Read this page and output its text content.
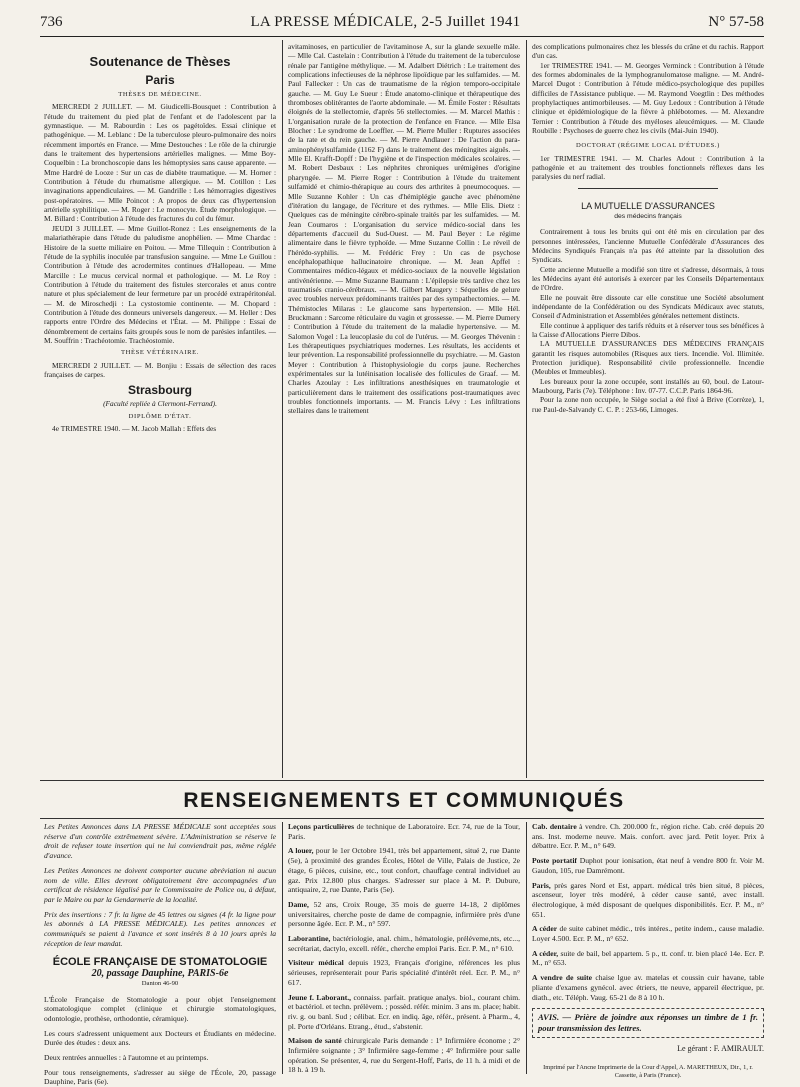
736	LA PRESSE MÉDICALE, 2-5 Juillet 1941	N° 57-58
Soutenance de Thèses
Paris
THÈSES DE MÉDECINE.

MERCREDI 2 JUILLET. — M. Giudicelli-Bousquet : Contribution à l'étude du traitement du pied plat de l'enfant et de l'adolescent par la gymnastique. — M. Rabourdin : Les os pagétoïdes. Essai clinique et pathogénique. — M. Leblanc : De la tuberculose pleuro-pulmonaire des noirs récemment importés en France. — Mme Destouches : Le rôle de la chirurgie dans le traitement des hypertensions artérielles malignes. — Mme Boy-Coquelbin : La bronchoscopie dans les hémoptysies sans cause apparente. — Mme Hardré de Looze : Sur un cas de diabète traumatique. — M. Horner : Contribution à l'étude du rhumatisme allergique. — M. Cotillon : Les invaginations appendiculaires. — M. Gandrille : Les hémorragies digestives post-opératoires. — Mlle Poincot : A propos de deux cas d'hypertension artérielle syphilitique. — M. Roger : Le monocyte. Étude morphologique. — M. Billard : Contribution à l'étude des fractures du col du fémur.

JEUDI 3 JUILLET. — Mme Guillot-Ronez : Les enseignements de la malariathérapie dans l'étude du paludisme anophélien. — Mme Chardac : Histoire de la suette miliaire en Poitou. — Mme Tillequin : Contribution à l'étude de la syphilis inoculée par transfusion sanguine. — Mme Le Guillou : Contribution à l'étude des acrodermites continues d'Hallopeau. — Mme Marcille : Le mucus cervical normal et pathologique. — M. Le Roy : Contribution à l'étude du traitement des fistules stercorales et anus contre nature et plus spécialement de leur fermeture par un procédé extrapéritonéal. — M. de Miroschedji : La cystostomie continente. — M. Chopard : Contribution à l'étude des donneurs universels dangereux. — M. Heller : Des rapports entre l'Ordre des Médecins et l'État. — M. Philippe : Essai de dénombrement de certains faits groupés sous le nom de parésies infantiles. — M. Souffrin : Trachéotomie. Trachéostomie.

THÈSE VÉTÉRINAIRE.

MERCREDI 2 JUILLET. — M. Bonjiu : Essais de sélection des races françaises de carpes.

Strasbourg
(Faculté repliée à Clermont-Ferrand).
DIPLÔME D'ÉTAT.

4e TRIMESTRE 1940. — M. Jacob Mallah : Effets des

avitaminoses, en particulier de l'avitaminose A, sur la glande sexuelle mâle. — Mlle Cal. Castelain : Contribution à l'étude du traitement de la tuberculose rénale par l'antigène méthylique. — M. Adalbert Diétrich : Le traitement des complications infectieuses de la néphrose lipoïdique par les sulfamides. — M. Paul Fallecker : Un cas de traumatisme de la région temporo-occipitale gauche. — M. Guy Le Sueur : Étude anatomo-clinique et thérapeutique des thromboses oblitérantes de l'aorte abdominale. — M. Émile Foster : Résultats éloignés de la stellectomie, d'après 56 stellectomies. — M. Marcel Mathis : L'organisation rurale de la protection de l'enfance en France. — Mlle Elsa Blocher : Le syndrome de Loeffler. — M. Pierre Muller : Ruptures associées de la rate et du rein gauche. — M. Pierre Andlauer : De l'action du para-aminophénylsulfamide (1162 F) dans le traitement des méningites aiguës. — Mlle El. Krafft-Dopff : De l'hygiène et de l'inspection médicales scolaires. — M. Robert Desbaux : Les néphrites chroniques urémigènes d'origine pharyngée. — M. Pierre Roger : Contribution à l'étude du traitement sulfamidé et chimio-thérapique au cours des arthrites à pneumocoques. — Mlle Suzanne Kohler : Un cas d'hémiplégie gauche avec phénomène d'itération du langage, de l'écriture et des rythmes. — Mlle Elis. Dietz : Quelques cas de méningite cérébro-spinale traités par les sulfamides. — M. Jean Coumaros : L'organisation du service médico-social dans les départements d'accueil du Sud-Ouest. — M. Paul Beyer : Le régime alimentaire dans le fièvre typhoïde. — Mme Suzanne Collin : Le réveil de l'hérédo-syphilis. — M. Frédéric Frey : Un cas de psychose encéphalopathique hallucinatoire chronique. — M. Jean Apffel : Commentaires médico-légaux et médico-sociaux de la nouvelle législation antivénérienne. — Mme Suzanne Baumann : L'épilepsie très tardive chez les traumatisés cranio-cérébraux. — M. Gilbert Maugery : Séquelles de gelure avec troubles nerveux prédominants traitées par des sympathectomies. — M. Thémistocles Milaras : Le glaucome sans hypertension. — Mlle Hél. Bruckmann : Sarcome réticulaire du vagin et grossesse. — M. Pierre Dumery : Contribution à l'étude du traitement de la maladie hypertensive. — M. Salomon Vogel : La leucoplasie du col de l'utérus. — M. Georges Thévenin : Les thérapeutiques psychiatriques modernes. Les résultats, les accidents et leur prévention. La responsabilité professionnelle du psychiatre. — M. Gaston Meyer : Contribution à l'histophysiologie du corps jaune. Recherches expérimentales sur la lutéinisation localisée des follicules de Graaf. — M. Charles Azoulay : Les infiltrations anesthésiques en traumatologie et particulièrement dans le traitement des ossifications post-traumatiques avec troubles fonctionnels importants. — M. Francis Lévy : Les infiltrations stellaires dans le traitement

des complications pulmonaires chez les blessés du crâne et du rachis. Rapport d'un cas.

1er TRIMESTRE 1941. — M. Georges Verminck : Contribution à l'étude des formes abdominales de la lymphogranulomatose maligne. — M. André-Marcel Dugot : Contribution à l'étude médico-psychologique des pupilles difficiles de l'Assistance publique. — M. Raymond Voegtlin : Des méthodes prophylactiques antimorbileuses. — M. Guy Ledoux : Contribution à l'étude clinique et épidémiologique de la fièvre à phlébotomes. — M. Alexandre Ternier : Contribution à l'étude des myéloses aleucémiques. — M. Claude Roubille : Psychoses de guerre chez les civils (Mai-Juin 1940).

DOCTORAT (RÉGIME LOCAL D'ÉTUDES.)

1er TRIMESTRE 1941. — M. Charles Adout : Contribution à la pathogénie et au traitement des troubles fonctionnels réflexes dans les paralysies du nerf radial.

LA MUTUELLE D'ASSURANCES
des médecins français

Contrairement à tous les bruits qui ont été mis en circulation par des personnes intéressées, l'ancienne Mutuelle Confédérale d'Assurances des Médecins Syndiqués Français n'a pas été atteinte par la dissolution des Syndicats.

Cette ancienne Mutuelle a modifié son titre et s'adresse, désormais, à tous les Médecins ayant été autorisés à exercer par les Conseils Départementaux de l'Ordre.

Elle ne pouvait être dissoute car elle constitue une Société absolument indépendante de la Confédération ou des Syndicats Médicaux avec statuts, Conseil d'Administration et Assemblées générales nettement distincts.

Elle continue à appliquer des tarifs réduits et à réserver tous ses bénéfices à la Caisse d'Allocations Pierre Dibos.

LA MUTUELLE D'ASSURANCES DES MÉDECINS FRANÇAIS garantit les risques automobiles (Risques aux tiers. Incendie. Vol. Illimitée. Protection juridique). Responsabilité civile professionnelle. Incendie (Meubles et Immeubles).

Les bureaux pour la zone occupée, sont installés au 60, boul. de Latour-Maubourg, Paris (7e). Téléphone : Inv. 07-77. C.C.P. Paris 1864-96.

Pour la zone non occupée, le Siège social a été fixé à Brive (Corrèze), 1, rue Paul-de-Salvandy C. C. P. : 253-66, Limoges.

RENSEIGNEMENTS ET COMMUNIQUÉS

Les Petites Annonces dans LA PRESSE MÉDICALE sont acceptées sous réserve d'un contrôle extrêmement sévère. L'Administration se réserve le droit de refuser toute insertion qui ne lui conviendrait pas, même réglée d'avance.

Les Petites Annonces ne doivent comporter aucune abréviation ni aucun nom de ville. Elles devront obligatoirement être accompagnées d'un certificat de résidence légalisé par le Commissaire de Police ou, à défaut, par le Maire ou par la Gendarmerie de la localité.

Prix des insertions : 7 fr. la ligne de 45 lettres ou signes (4 fr. la ligne pour les abonnés à LA PRESSE MÉDICALE). Les petites annonces et communiqués se paient à l'avance et sont insérés 8 à 10 jours après la réception de leur mandat.

ÉCOLE FRANÇAISE DE STOMATOLOGIE
20, passage Dauphine, PARIS-6e
Danton 46-90

L'École Française de Stomatologie a pour objet l'enseignement stomatologique complet (clinique et chirurgie stomatologiques, odontologie, prothèse, orthodontie, céramique).

Les cours s'adressent uniquement aux Docteurs et Étudiants en médecine. Durée des études : deux ans.

Deux rentrées annuelles : à l'automne et au printemps.

Pour tous renseignements, s'adresser au siège de l'École, 20, passage Dauphine, Paris (6e).

Leçons particulières de technique de Laboratoire. Ecr. 74, rue de la Tour, Paris.

A louer, pour le 1er Octobre 1941, très bel appartement, situé 2, rue Dante (5e), à proximité des grandes Écoles, Hôtel de Ville, Palais de Justice, 2e étage, 6 pièces, cuisine, etc., tout confort, chauffage central individuel au gaz. Prix 12.800 plus charges. S'adresser sur place à M. P. Dubure, antiquaire, 2, rue Dante, Paris (5e).

Dame, 52 ans, Croix Rouge, 35 mois de guerre 14-18, 2 diplômes universitaires, cherche poste de dame de compagnie, infirmière près d'une personne âgée. Ecr. P. M., n° 597.

Laborantine, bactériologie, anal. chim., hématologie, préléveme,nts, etc..., secrétariat, dactylo, excell. référ., cherche emploi Paris. Ecr. P. M., n° 610.

Visiteur médical depuis 1923, Français d'origine, références les plus sérieuses, représenterait pour Paris spécialité d'intérêt réel. Ecr. P. M., n° 617.

Jeune f. Laborant., connaiss. parfait. pratique analys. biol., courant chim. et bactériol. et techn. prélèvem. ; possèd. référ. minim. 3 ans m. place; habit. riv. g. ou banl. Sud ; célibat. Ecr. en indiq. âge, référ., présent. à Pharm., 4, pl. Porte d'Orléans. Etrang., étud., s'abstenir.

Maison de santé chirurgicale Paris demande : 1° Infirmière économe ; 2° Infirmière soignante ; 3° Infirmière sage-femme ; 4° Infirmière pour salle opération. Se présenter, 4, rue du Sergent-Hoff, Paris, de 11 h. à midi et de 18 h. à 19 h.

Cab. dentaire à vendre. Ch. 200.000 fr., région riche. Cab. créé depuis 20 ans. Inst. moderne neuve. Mais. confort. avec jard. Petit loyer. Prix à débattre. Ecr. P. M., n° 649.

Poste portatif Duphot pour ionisation, état neuf à vendre 800 fr. Voir M. Gaudon, 105, rue Damrémont.

Paris, près gares Nord et Est, appart. médical très bien situé, 8 pièces, ascenseur, loyer très modéré, à céder cause santé, avec install. électrologique, à méd disposant de quelques disponibilités. Ecr. P. M., n° 651.

A céder de suite cabinet médic., très intéres., petite indem., cause maladie. Loyer 4.500. Ecr. P. M., n° 652.

A céder, suite de bail, bel appartem. 5 p., tt. conf. tr. bien placé 14e. Ecr. P. M., n° 653.

A vendre de suite chaise lgue av. matelas et coussin cuir havane, table pliante d'examens gynécol. avec étriers, tte neuve, appareil électrique, pr. diath., etc. Téléph. Vaug. 65-21 de 8 à 10 h.

AVIS. — Prière de joindre aux réponses un timbre de 1 fr. pour transmission des lettres.
Le gérant : F. AMIRAULT.
Imprimé par l'Ancne Imprimerie de la Cour d'Appel, A. MARETHEUX, Dir., 1, r. Cassette, à Paris (France).
